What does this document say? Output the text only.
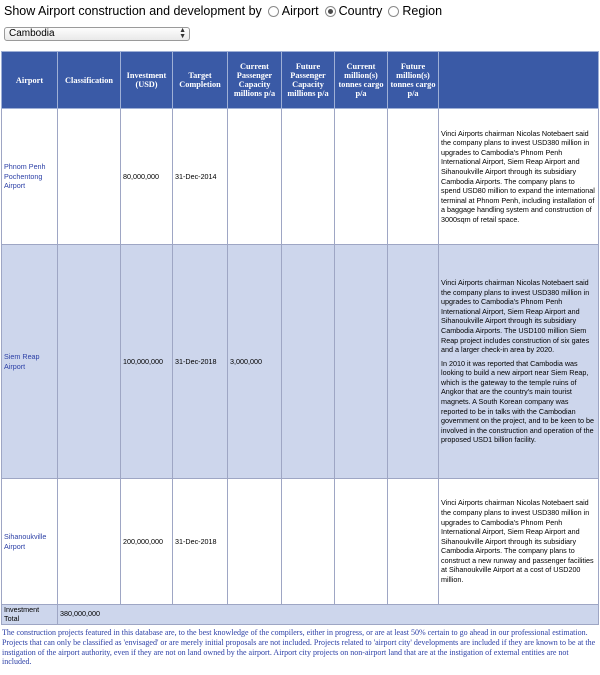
Show Airport construction and development by Airport Country Region
Cambodia	▲
▼
Airport	Classification	Investment (USD)	Target Completion	Current Passenger Capacity millions p/a	Future Passenger Capacity millions p/a	Current million(s) tonnes cargo p/a	Future million(s) tonnes cargo p/a	
Phnom Penh Pochentong Airport		80,000,000	31-Dec-2014					Vinci Airports chairman Nicolas Notebaert said the company plans to invest USD380 million in upgrades to Cambodia's Phnom Penh International Airport, Siem Reap Airport and Sihanoukville Airport through its subsidiary Cambodia Airports. The company plans to spend USD80 million to expand the international terminal at Phnom Penh, including installation of a baggage handling system and construction of 3000sqm of retail space.

Siem Reap Airport		100,000,000	31-Dec-2018	3,000,000				Vinci Airports chairman Nicolas Notebaert said the company plans to invest USD380 million in upgrades to Cambodia's Phnom Penh International Airport, Siem Reap Airport and Sihanoukville Airport through its subsidiary Cambodia Airports. The USD100 million Siem Reap project includes construction of six gates and a larger check-in area by 2020.

In 2010 it was reported that Cambodia was looking to build a new airport near Siem Reap, which is the gateway to the temple ruins of Angkor that are the country's main tourist magnets. A South Korean company was reported to be in talks with the Cambodian government on the project, and to be keen to be involved in the construction and operation of the proposed USD1 billion facility.

Sihanoukville Airport		200,000,000	31-Dec-2018					Vinci Airports chairman Nicolas Notebaert said the company plans to invest USD380 million in upgrades to Cambodia's Phnom Penh International Airport, Siem Reap Airport and Sihanoukville Airport through its subsidiary Cambodia Airports. The company plans to construct a new runway and passenger facilities at Sihanoukville Airport at a cost of USD200 million.

Investment Total	380,000,000							
The construction projects featured in this database are, to the best knowledge of the compilers, either in progress, or are at least 50% certain to go ahead in our professional estimation. Projects that can only be classified as 'envisaged' or are merely initial proposals are not included. Projects related to 'airport city' developments are included if they are known to be at the instigation of the airport authority, even if they are not on land owned by the airport. Airport city projects on non-airport land that are at the instigation of external entities are not included.
